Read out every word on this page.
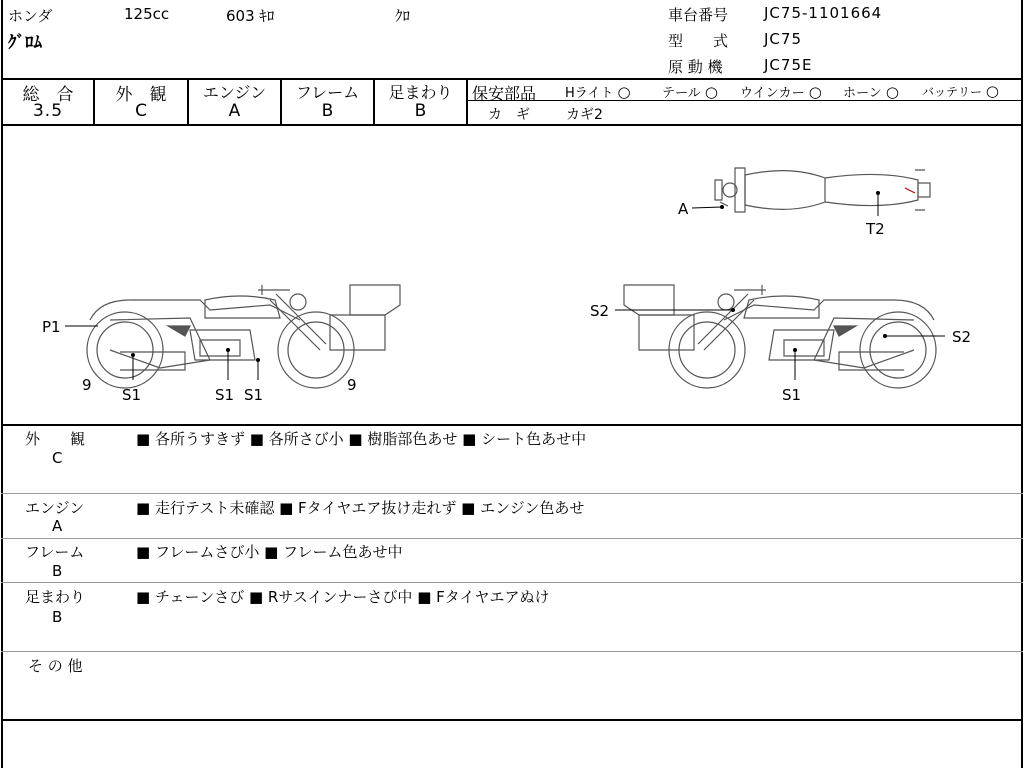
ホンダ	125cc	603 ｷﾛ	ｸﾛ
ｸﾞﾛﾑ
車台番号 JC75-1101664
型　　式 JC75
原 動 機	JC75E
総　合
3.5
外　観
C
エンジン
A
フレーム
B
足まわり
B
保安部品 Hライト ○ テール ○ ウインカー ○ ホーン ○ バッテリー ○
カ　ギ	カギ2
P1
9
S1	S1 S1
9
S2
S2
S1
A
T2
外　　観
C
■ 各所うすきず ■ 各所さび小 ■ 樹脂部色あせ ■ シート色あせ中
エンジン
A
■ 走行テスト未確認 ■ Fタイヤエア抜け走れず ■ エンジン色あせ
フレーム
B
■ フレームさび小 ■ フレーム色あせ中
足まわり
B
■ チェーンさび ■ Rサスインナーさび中 ■ Fタイヤエアぬけ
そ の 他
